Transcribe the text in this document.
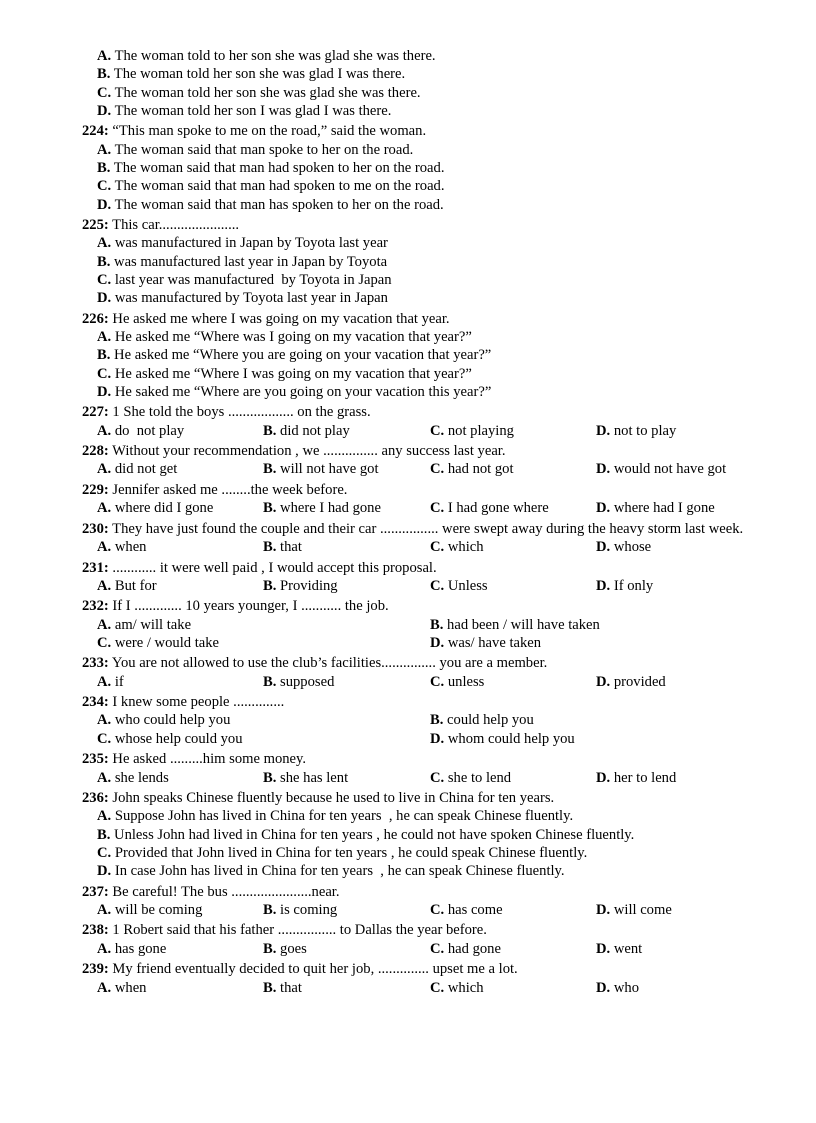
A. The woman told to her son she was glad she was there.
B. The woman told her son she was glad I was there.
C. The woman told her son she was glad she was there.
D. The woman told her son I was glad I was there.
224: “This man spoke to me on the road,” said the woman.
A. The woman said that man spoke to her on the road.
B. The woman said that man had spoken to her on the road.
C. The woman said that man had spoken to me on the road.
D. The woman said that man has spoken to her on the road.
225: This car......................
A. was manufactured in Japan by Toyota last year
B. was manufactured last year in Japan by Toyota
C. last year was manufactured  by Toyota in Japan
D. was manufactured by Toyota last year in Japan
226: He asked me where I was going on my vacation that year.
A. He asked me “Where was I going on my vacation that year?”
B. He asked me “Where you are going on your vacation that year?”
C. He asked me “Where I was going on my vacation that year?”
D. He saked me “Where are you going on your vacation this year?”
227: 1 She told the boys .................. on the grass.
A. do  not play	B. did not play	C. not playing	D. not to play
228: Without your recommendation , we ............... any success last year.
A. did not get	B. will not have got	C. had not got	D. would not have got
229: Jennifer asked me ........the week before.
A. where did I gone	B. where I had gone	C. I had gone where	D. where had I gone
230: They have just found the couple and their car ................ were swept away during the heavy storm last week.
A. when	B. that	C. which	D. whose
231: ............ it were well paid , I would accept this proposal.
A. But for	B. Providing	C. Unless	D. If only
232: If I ............. 10 years younger, I ........... the job.
A. am/ will take	B. had been / will have taken
C. were / would take	D. was/ have taken
233: You are not allowed to use the club’s facilities............... you are a member.
A. if	B. supposed	C. unless	D. provided
234: I knew some people ..............
A. who could help you	B. could help you
C. whose help could you	D. whom could help you
235: He asked .........him some money.
A. she lends	B. she has lent	C. she to lend	D. her to lend
236: John speaks Chinese fluently because he used to live in China for ten years.
A. Suppose John has lived in China for ten years  , he can speak Chinese fluently.
B. Unless John had lived in China for ten years , he could not have spoken Chinese fluently.
C. Provided that John lived in China for ten years , he could speak Chinese fluently.
D. In case John has lived in China for ten years  , he can speak Chinese fluently.
237: Be careful! The bus ......................near.
A. will be coming	B. is coming	C. has come	D. will come
238: 1 Robert said that his father ................ to Dallas the year before.
A. has gone	B. goes	C. had gone	D. went
239: My friend eventually decided to quit her job, .............. upset me a lot.
A. when	B. that	C. which	D. who
